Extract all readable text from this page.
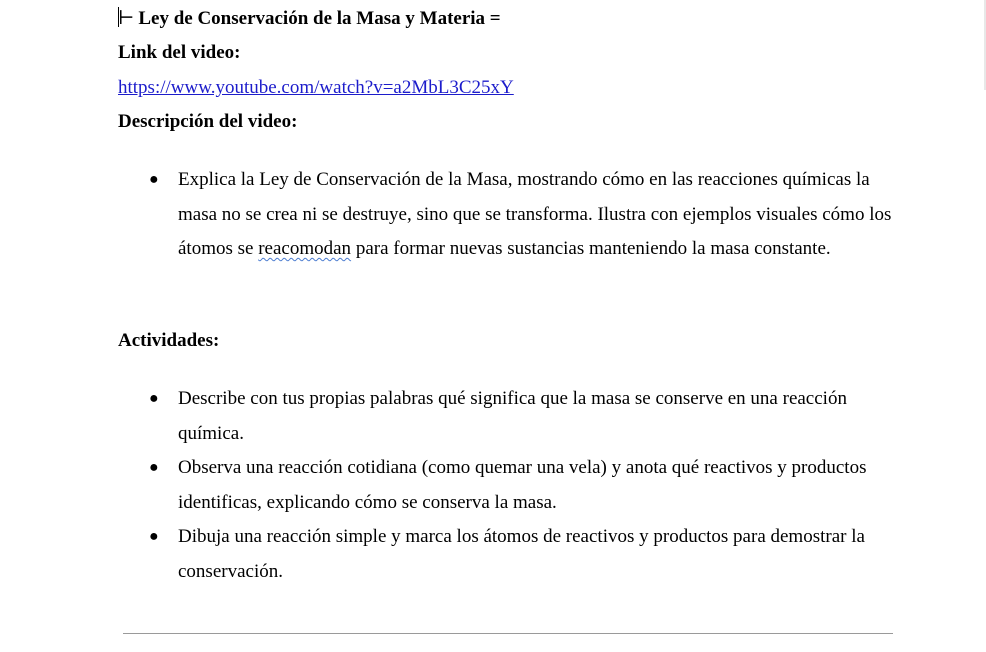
⊢ Ley de Conservación de la Masa y Materia =
Link del video:
https://www.youtube.com/watch?v=a2MbL3C25xY
Descripción del video:
● Explica la Ley de Conservación de la Masa, mostrando cómo en las reacciones químicas la masa no se crea ni se destruye, sino que se transforma. Ilustra con ejemplos visuales cómo los átomos se reacomodan para formar nuevas sustancias manteniendo la masa constante.
Actividades:
● Describe con tus propias palabras qué significa que la masa se conserve en una reacción química.
● Observa una reacción cotidiana (como quemar una vela) y anota qué reactivos y productos identificas, explicando cómo se conserva la masa.
● Dibuja una reacción simple y marca los átomos de reactivos y productos para demostrar la conservación.
